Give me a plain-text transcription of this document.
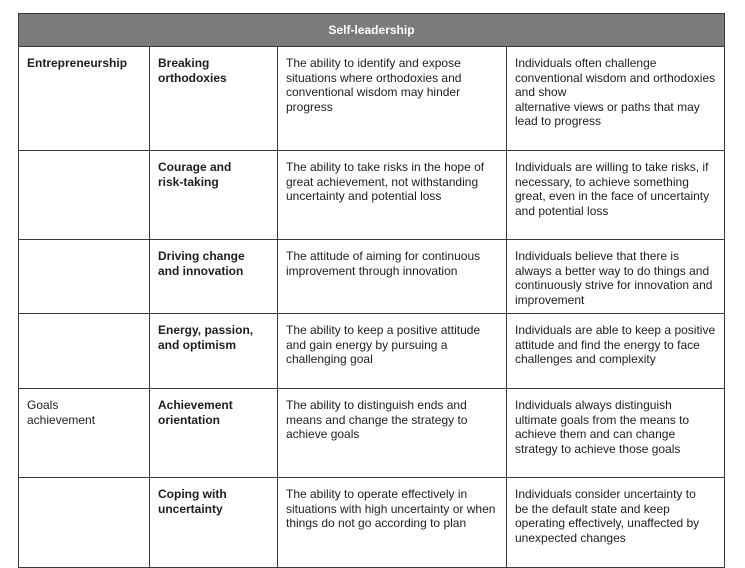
Self-leadership			
Entrepreneurship	Breaking orthodoxies	The ability to identify and expose situations where orthodoxies and conventional wisdom may hinder progress	Individuals often challenge conventional wisdom and orthodoxies and show
alternative views or paths that may lead to progress

	Courage and risk-taking	The ability to take risks in the hope of great achievement, not withstanding uncertainty and potential loss	Individuals are willing to take risks, if necessary, to achieve something great, even in the face of uncertainty and potential loss

	Driving change and innovation	The attitude of aiming for continuous improvement through innovation	Individuals believe that there is always a better way to do things and continuously strive for innovation and improvement

	Energy, passion, and optimism	The ability to keep a positive attitude and gain energy by pursuing a challenging goal	Individuals are able to keep a positive attitude and find the energy to face challenges and complexity

Goals achievement	Achievement orientation	The ability to distinguish ends and means and change the strategy to achieve goals	Individuals always distinguish ultimate goals from the means to achieve them and can change strategy to achieve those goals

	Coping with uncertainty	The ability to operate effectively in situations with high uncertainty or when things do not go according to plan	Individuals consider uncertainty to be the default state and keep operating effectively, unaffected by unexpected changes
